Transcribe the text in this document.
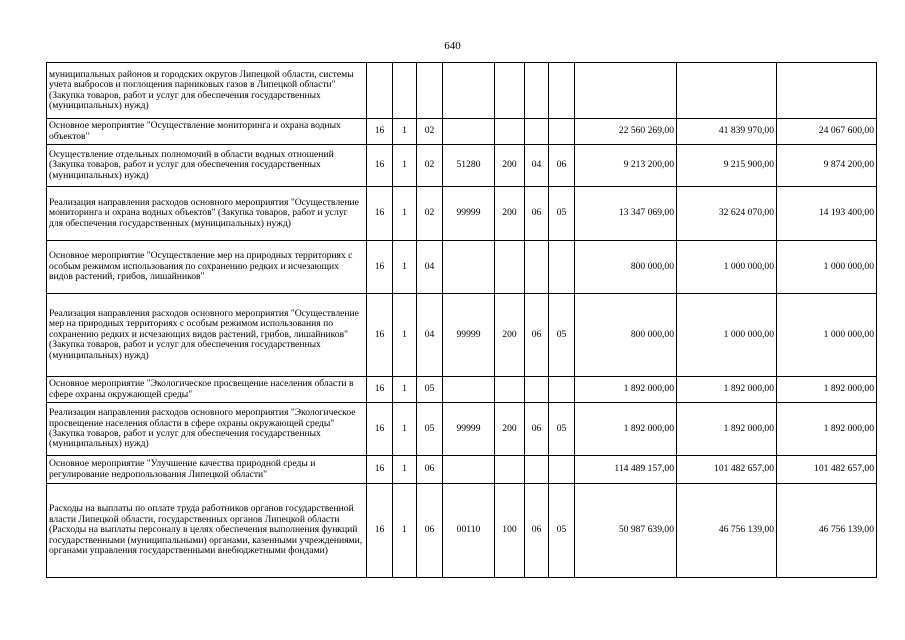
640
муниципальных районов и городских округов Липецкой области, системы учета выбросов и поглощения парниковых газов в Липецкой области" (Закупка товаров, работ и услуг для обеспечения государственных (муниципальных) нужд)										
Основное мероприятие "Осуществление мониторинга и охрана водных объектов"	16	1	02					22 560 269,00	41 839 970,00	24 067 600,00
Осуществление отдельных полномочий в области водных отношений (Закупка товаров, работ и услуг для обеспечения государственных (муниципальных) нужд)	16	1	02	51280	200	04	06	9 213 200,00	9 215 900,00	9 874 200,00
Реализация направления расходов основного мероприятия "Осуществление мониторинга и охрана водных объектов" (Закупка товаров, работ и услуг для обеспечения государственных (муниципальных) нужд)	16	1	02	99999	200	06	05	13 347 069,00	32 624 070,00	14 193 400,00
Основное мероприятие "Осуществление мер на природных территориях с особым режимом использования по сохранению редких и исчезающих видов растений, грибов, лишайников"	16	1	04					800 000,00	1 000 000,00	1 000 000,00
Реализация направления расходов основного мероприятия "Осуществление мер на природных территориях с особым режимом использования по сохранению редких и исчезающих видов растений, грибов, лишайников" (Закупка товаров, работ и услуг для обеспечения государственных (муниципальных) нужд)	16	1	04	99999	200	06	05	800 000,00	1 000 000,00	1 000 000,00
Основное мероприятие "Экологическое просвещение населения области в сфере охраны окружающей среды"	16	1	05					1 892 000,00	1 892 000,00	1 892 000,00
Реализация направления расходов основного мероприятия "Экологическое просвещение населения области в сфере охраны окружающей среды" (Закупка товаров, работ и услуг для обеспечения государственных (муниципальных) нужд)	16	1	05	99999	200	06	05	1 892 000,00	1 892 000,00	1 892 000,00
Основное мероприятие "Улучшение качества природной среды и регулирование недропользования Липецкой области"	16	1	06					114 489 157,00	101 482 657,00	101 482 657,00
Расходы на выплаты по оплате труда работников органов государственной власти Липецкой области, государственных органов Липецкой области (Расходы на выплаты персоналу в целях обеспечения выполнения функций государственными (муниципальными) органами, казенными учреждениями, органами управления государственными внебюджетными фондами)	16	1	06	00110	100	06	05	50 987 639,00	46 756 139,00	46 756 139,00
